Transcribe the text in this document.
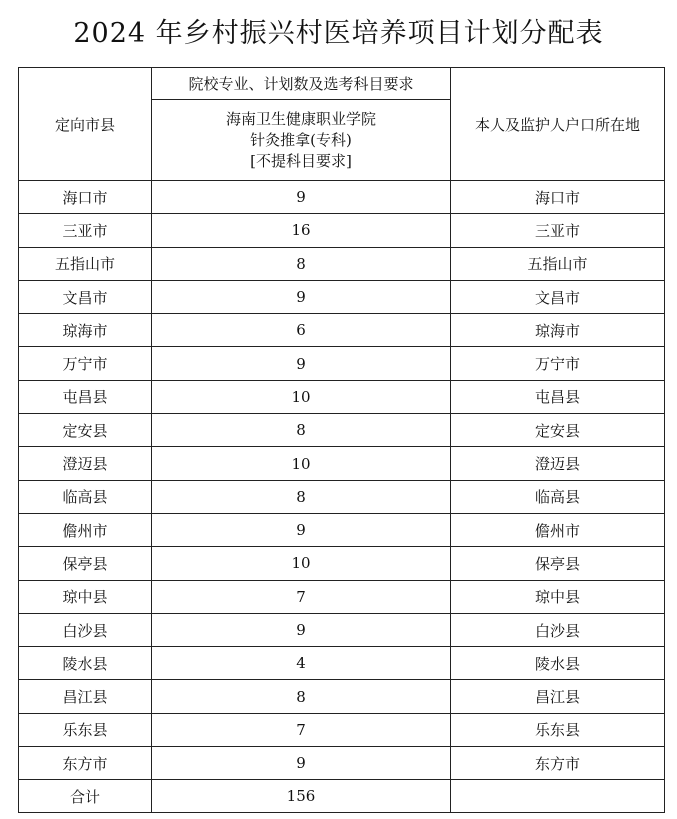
2024 年乡村振兴村医培养项目计划分配表
定向市县	院校专业、计划数及选考科目要求	本人及监护人户口所在地

	海南卫生健康职业学院
针灸推拿(专科)
[不提科目要求]	

海口市	9	海口市
三亚市	16	三亚市
五指山市	8	五指山市
文昌市	9	文昌市
琼海市	6	琼海市
万宁市	9	万宁市
屯昌县	10	屯昌县
定安县	8	定安县
澄迈县	10	澄迈县
临高县	8	临高县
儋州市	9	儋州市
保亭县	10	保亭县
琼中县	7	琼中县
白沙县	9	白沙县
陵水县	4	陵水县
昌江县	8	昌江县
乐东县	7	乐东县
东方市	9	东方市
合计	156	
